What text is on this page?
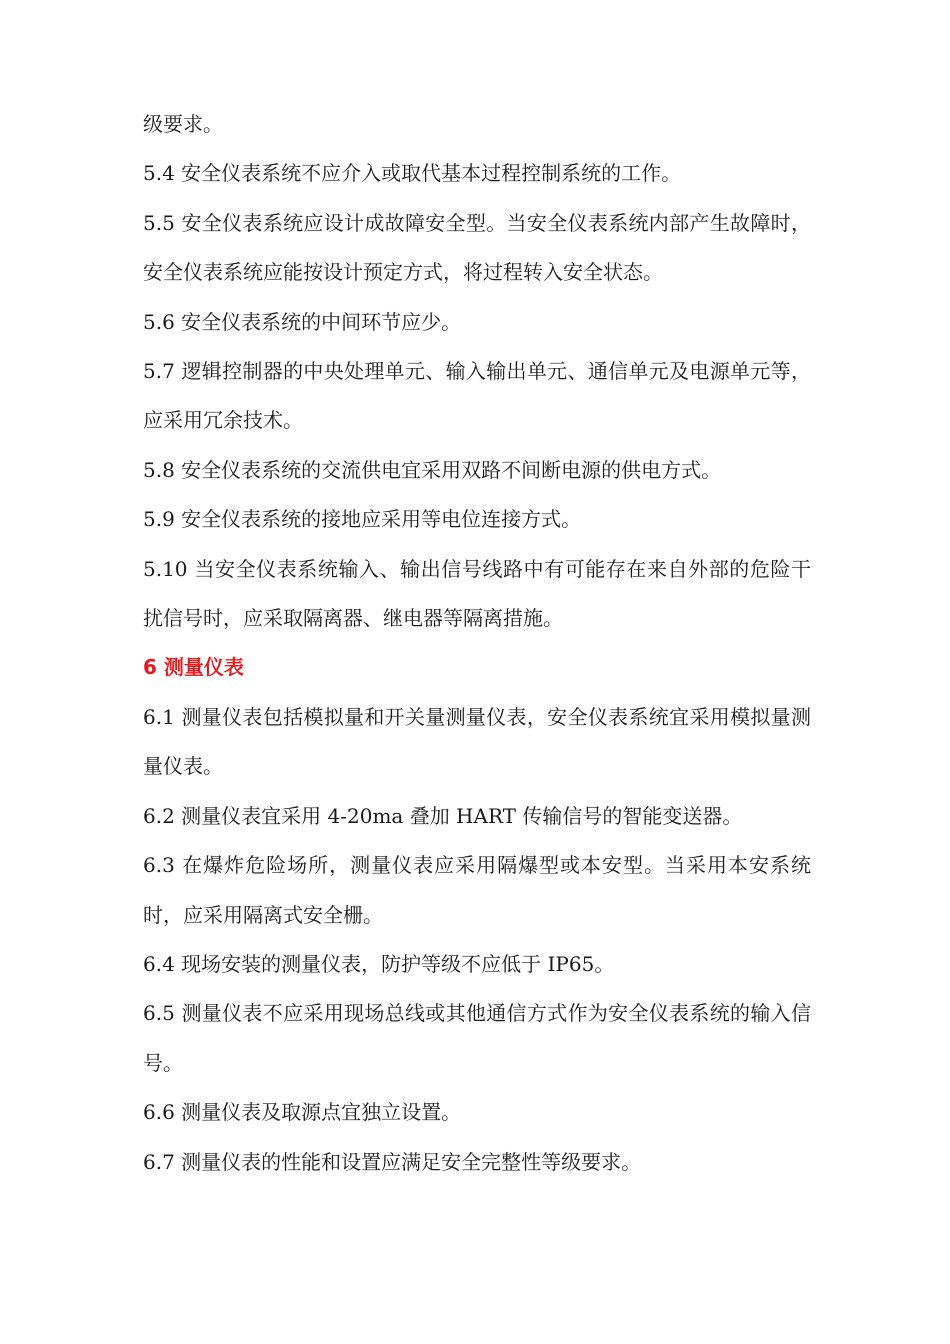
级要求。

5.4 安全仪表系统不应介入或取代基本过程控制系统的工作。

5.5 安全仪表系统应设计成故障安全型。当安全仪表系统内部产生故障时，安全仪表系统应能按设计预定方式，将过程转入安全状态。

5.6 安全仪表系统的中间环节应少。

5.7 逻辑控制器的中央处理单元、输入输出单元、通信单元及电源单元等，应采用冗余技术。

5.8 安全仪表系统的交流供电宜采用双路不间断电源的供电方式。

5.9 安全仪表系统的接地应采用等电位连接方式。

5.10 当安全仪表系统输入、输出信号线路中有可能存在来自外部的危险干扰信号时，应采取隔离器、继电器等隔离措施。

6 测量仪表

6.1 测量仪表包括模拟量和开关量测量仪表，安全仪表系统宜采用模拟量测量仪表。

6.2 测量仪表宜采用 4-20ma 叠加 HART 传输信号的智能变送器。

6.3 在爆炸危险场所，测量仪表应采用隔爆型或本安型。当采用本安系统时，应采用隔离式安全栅。

6.4 现场安装的测量仪表，防护等级不应低于 IP65。

6.5 测量仪表不应采用现场总线或其他通信方式作为安全仪表系统的输入信号。

6.6 测量仪表及取源点宜独立设置。

6.7 测量仪表的性能和设置应满足安全完整性等级要求。
